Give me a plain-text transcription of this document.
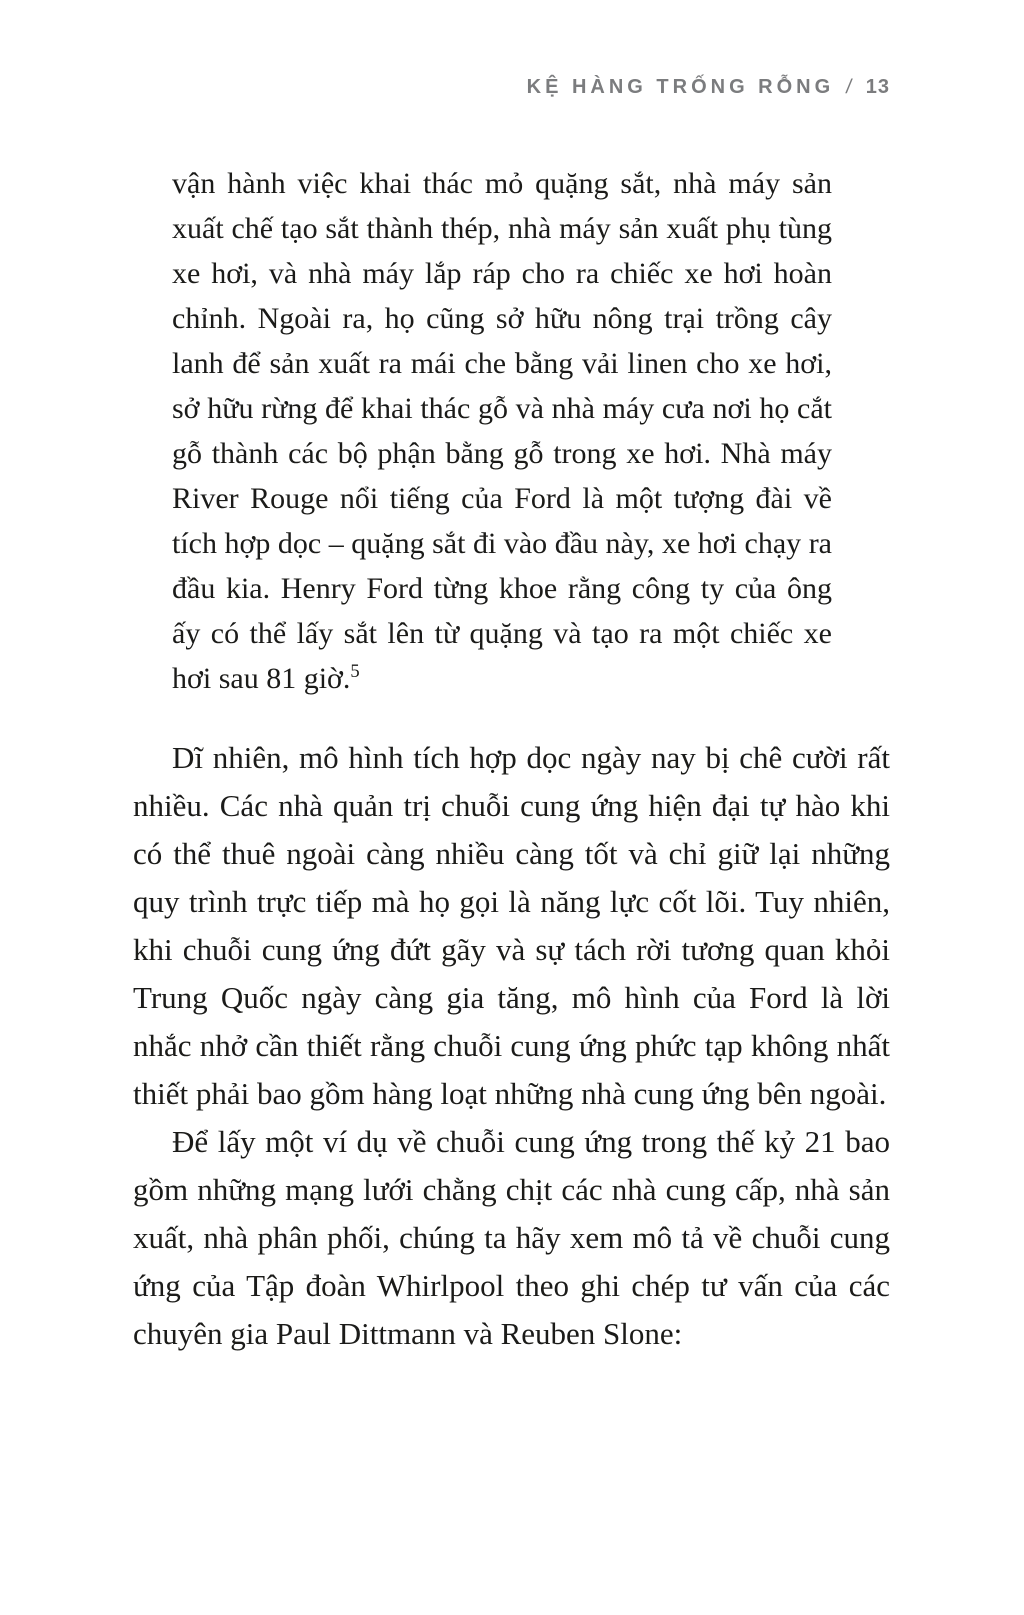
KỆ HÀNG TRỐNG RỖNG / 13

vận hành việc khai thác mỏ quặng sắt, nhà máy sản xuất chế tạo sắt thành thép, nhà máy sản xuất phụ tùng xe hơi, và nhà máy lắp ráp cho ra chiếc xe hơi hoàn chỉnh. Ngoài ra, họ cũng sở hữu nông trại trồng cây lanh để sản xuất ra mái che bằng vải linen cho xe hơi, sở hữu rừng để khai thác gỗ và nhà máy cưa nơi họ cắt gỗ thành các bộ phận bằng gỗ trong xe hơi. Nhà máy River Rouge nổi tiếng của Ford là một tượng đài về tích hợp dọc – quặng sắt đi vào đầu này, xe hơi chạy ra đầu kia. Henry Ford từng khoe rằng công ty của ông ấy có thể lấy sắt lên từ quặng và tạo ra một chiếc xe hơi sau 81 giờ.$^5$

Dĩ nhiên, mô hình tích hợp dọc ngày nay bị chê cười rất nhiều. Các nhà quản trị chuỗi cung ứng hiện đại tự hào khi có thể thuê ngoài càng nhiều càng tốt và chỉ giữ lại những quy trình trực tiếp mà họ gọi là năng lực cốt lõi. Tuy nhiên, khi chuỗi cung ứng đứt gãy và sự tách rời tương quan khỏi Trung Quốc ngày càng gia tăng, mô hình của Ford là lời nhắc nhở cần thiết rằng chuỗi cung ứng phức tạp không nhất thiết phải bao gồm hàng loạt những nhà cung ứng bên ngoài.

Để lấy một ví dụ về chuỗi cung ứng trong thế kỷ 21 bao gồm những mạng lưới chằng chịt các nhà cung cấp, nhà sản xuất, nhà phân phối, chúng ta hãy xem mô tả về chuỗi cung ứng của Tập đoàn Whirlpool theo ghi chép tư vấn của các chuyên gia Paul Dittmann và Reuben Slone:
